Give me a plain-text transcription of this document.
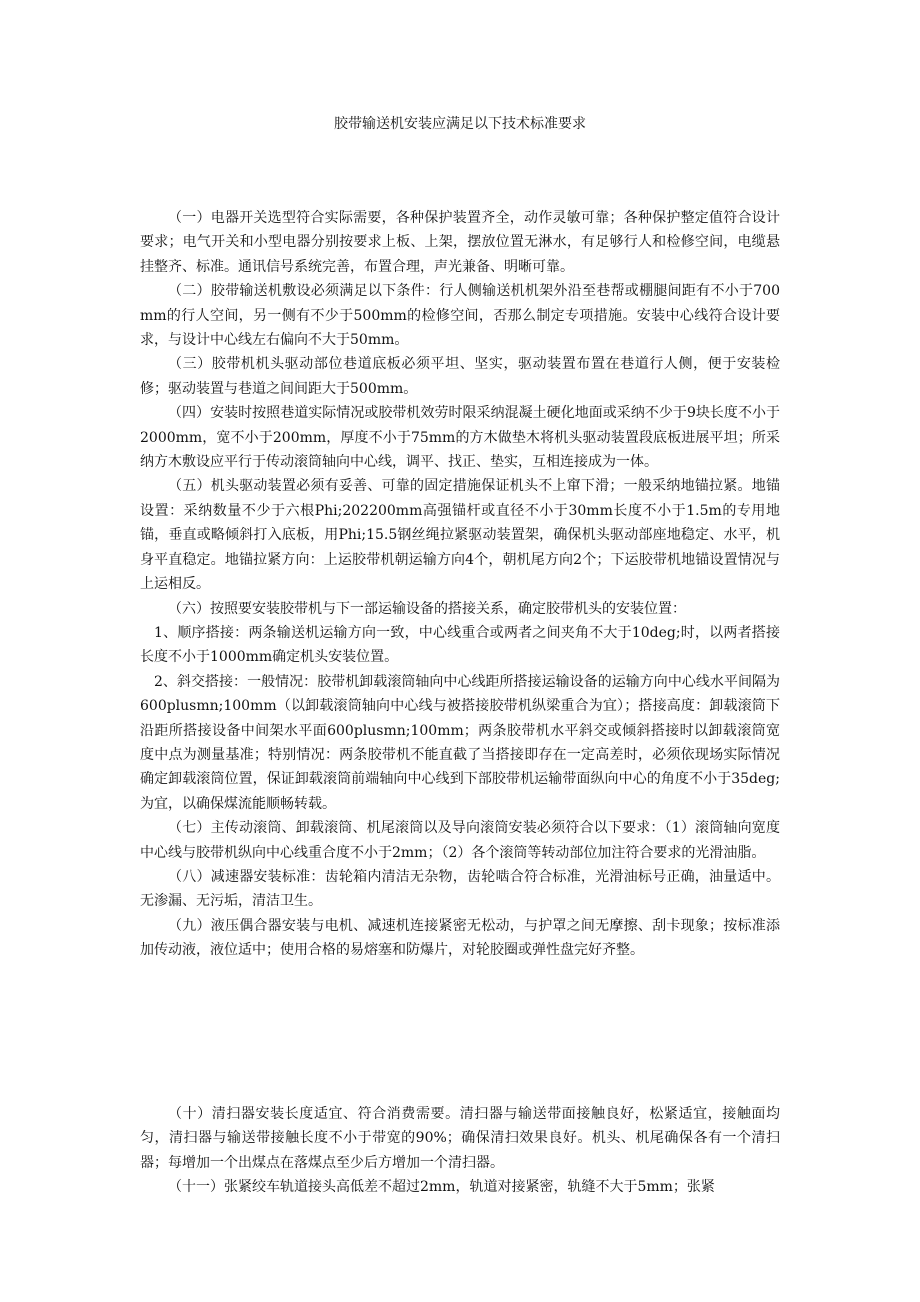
胶带输送机安装应满足以下技术标准要求

（一）电器开关选型符合实际需要，各种保护装置齐全，动作灵敏可靠；各种保护整定值符合设计要求；电气开关和小型电器分别按要求上板、上架，摆放位置无淋水，有足够行人和检修空间，电缆悬挂整齐、标准。通讯信号系统完善，布置合理，声光兼备、明晰可靠。

（二）胶带输送机敷设必须满足以下条件：行人侧输送机机架外沿至巷帮或棚腿间距有不小于700mm的行人空间，另一侧有不少于500mm的检修空间，否那么制定专项措施。安装中心线符合设计要求，与设计中心线左右偏向不大于50mm。

（三）胶带机机头驱动部位巷道底板必须平坦、坚实，驱动装置布置在巷道行人侧，便于安装检修；驱动装置与巷道之间间距大于500mm。

（四）安装时按照巷道实际情况或胶带机效劳时限采纳混凝土硬化地面或采纳不少于9块长度不小于2000mm，宽不小于200mm，厚度不小于75mm的方木做垫木将机头驱动装置段底板进展平坦；所采纳方木敷设应平行于传动滚筒轴向中心线，调平、找正、垫实，互相连接成为一体。

（五）机头驱动装置必须有妥善、可靠的固定措施保证机头不上窜下滑；一般采纳地锚拉紧。地锚设置：采纳数量不少于六根Phi;202200mm高强锚杆或直径不小于30mm长度不小于1.5m的专用地锚，垂直或略倾斜打入底板，用Phi;15.5钢丝绳拉紧驱动装置架，确保机头驱动部座地稳定、水平，机身平直稳定。地锚拉紧方向：上运胶带机朝运输方向4个，朝机尾方向2个；下运胶带机地锚设置情况与上运相反。

（六）按照要安装胶带机与下一部运输设备的搭接关系，确定胶带机头的安装位置：

1、顺序搭接：两条输送机运输方向一致，中心线重合或两者之间夹角不大于10deg;时，以两者搭接长度不小于1000mm确定机头安装位置。

2、斜交搭接：一般情况：胶带机卸载滚筒轴向中心线距所搭接运输设备的运输方向中心线水平间隔为600plusmn;100mm（以卸载滚筒轴向中心线与被搭接胶带机纵梁重合为宜）；搭接高度：卸载滚筒下沿距所搭接设备中间架水平面600plusmn;100mm；两条胶带机水平斜交或倾斜搭接时以卸载滚筒宽度中点为测量基准；特别情况：两条胶带机不能直截了当搭接即存在一定高差时，必须依现场实际情况确定卸载滚筒位置，保证卸载滚筒前端轴向中心线到下部胶带机运输带面纵向中心的角度不小于35deg;为宜，以确保煤流能顺畅转载。

（七）主传动滚筒、卸载滚筒、机尾滚筒以及导向滚筒安装必须符合以下要求：（1）滚筒轴向宽度中心线与胶带机纵向中心线重合度不小于2mm；（2）各个滚筒等转动部位加注符合要求的光滑油脂。

（八）减速器安装标准：齿轮箱内清洁无杂物，齿轮啮合符合标准，光滑油标号正确，油量适中。无渗漏、无污垢，清洁卫生。

（九）液压偶合器安装与电机、减速机连接紧密无松动，与护罩之间无摩擦、刮卡现象；按标准添加传动液，液位适中；使用合格的易熔塞和防爆片，对轮胶圈或弹性盘完好齐整。

（十）清扫器安装长度适宜、符合消费需要。清扫器与输送带面接触良好，松紧适宜，接触面均匀，清扫器与输送带接触长度不小于带宽的90%；确保清扫效果良好。机头、机尾确保各有一个清扫器；每增加一个出煤点在落煤点至少后方增加一个清扫器。

（十一）张紧绞车轨道接头高低差不超过2mm，轨道对接紧密，轨缝不大于5mm；张紧
